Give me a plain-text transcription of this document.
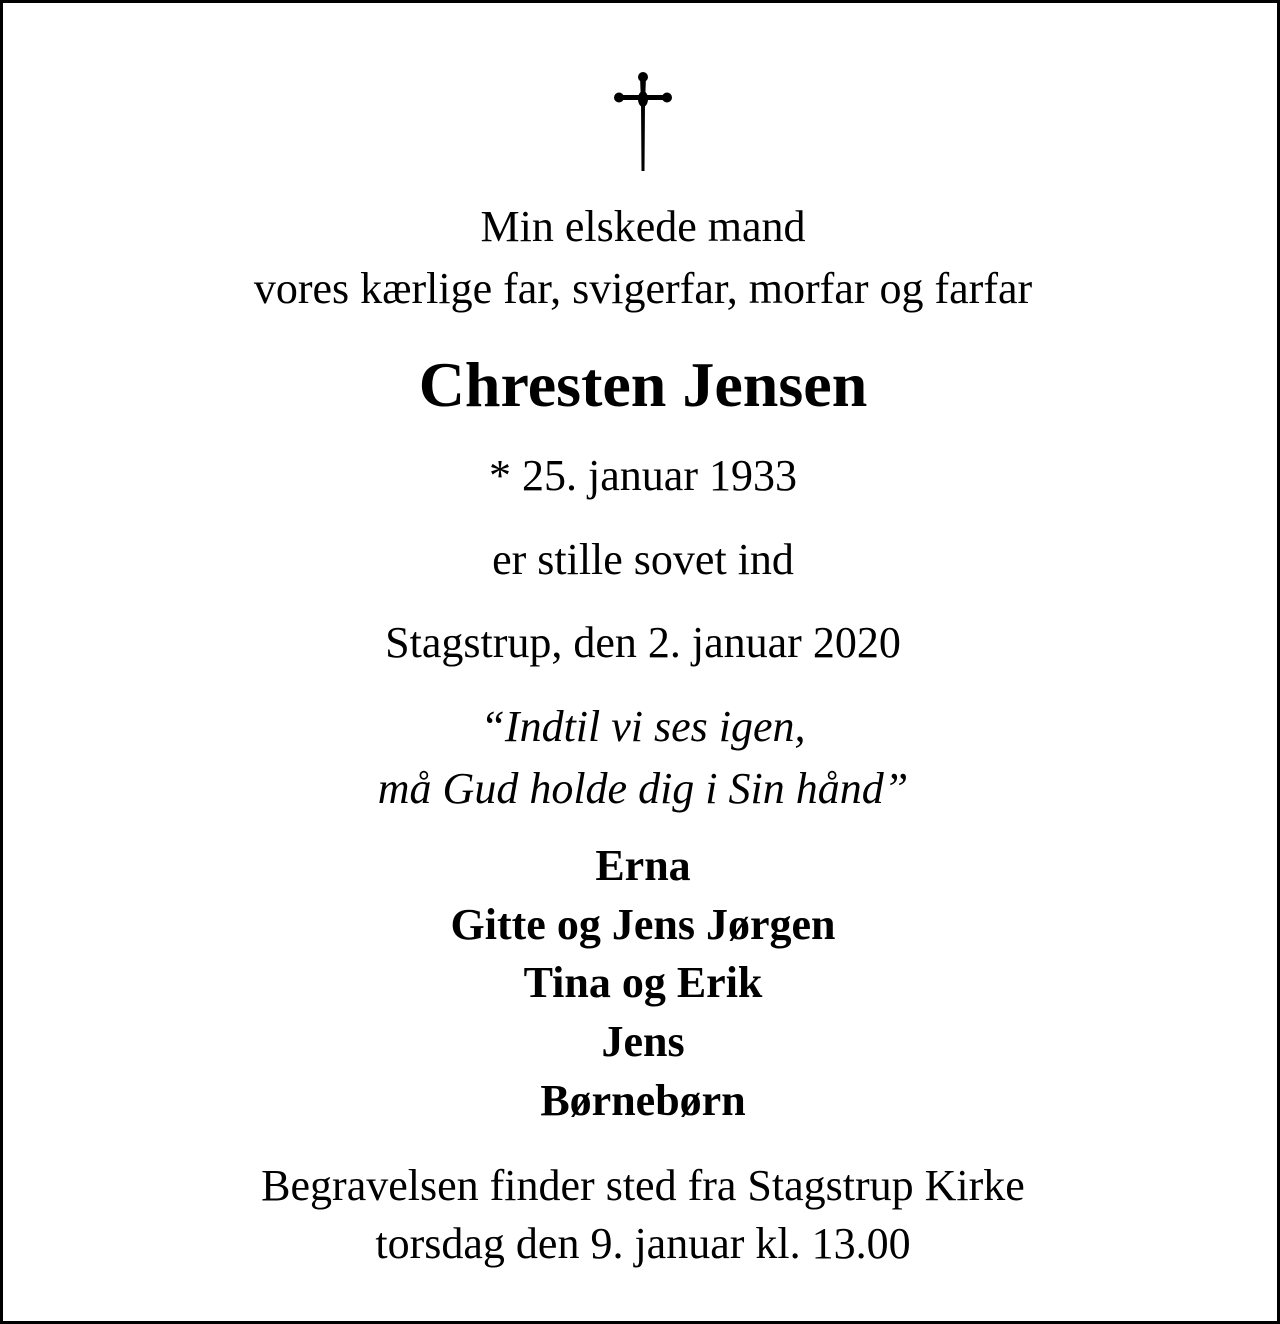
Min elskede mand

vores kærlige far, svigerfar, morfar og farfar

Chresten Jensen

* 25. januar 1933

er stille sovet ind

Stagstrup, den 2. januar 2020

“Indtil vi ses igen,

må Gud holde dig i Sin hånd”

Erna

Gitte og Jens Jørgen

Tina og Erik

Jens

Børnebørn

Begravelsen finder sted fra Stagstrup Kirke

torsdag den 9. januar kl. 13.00
